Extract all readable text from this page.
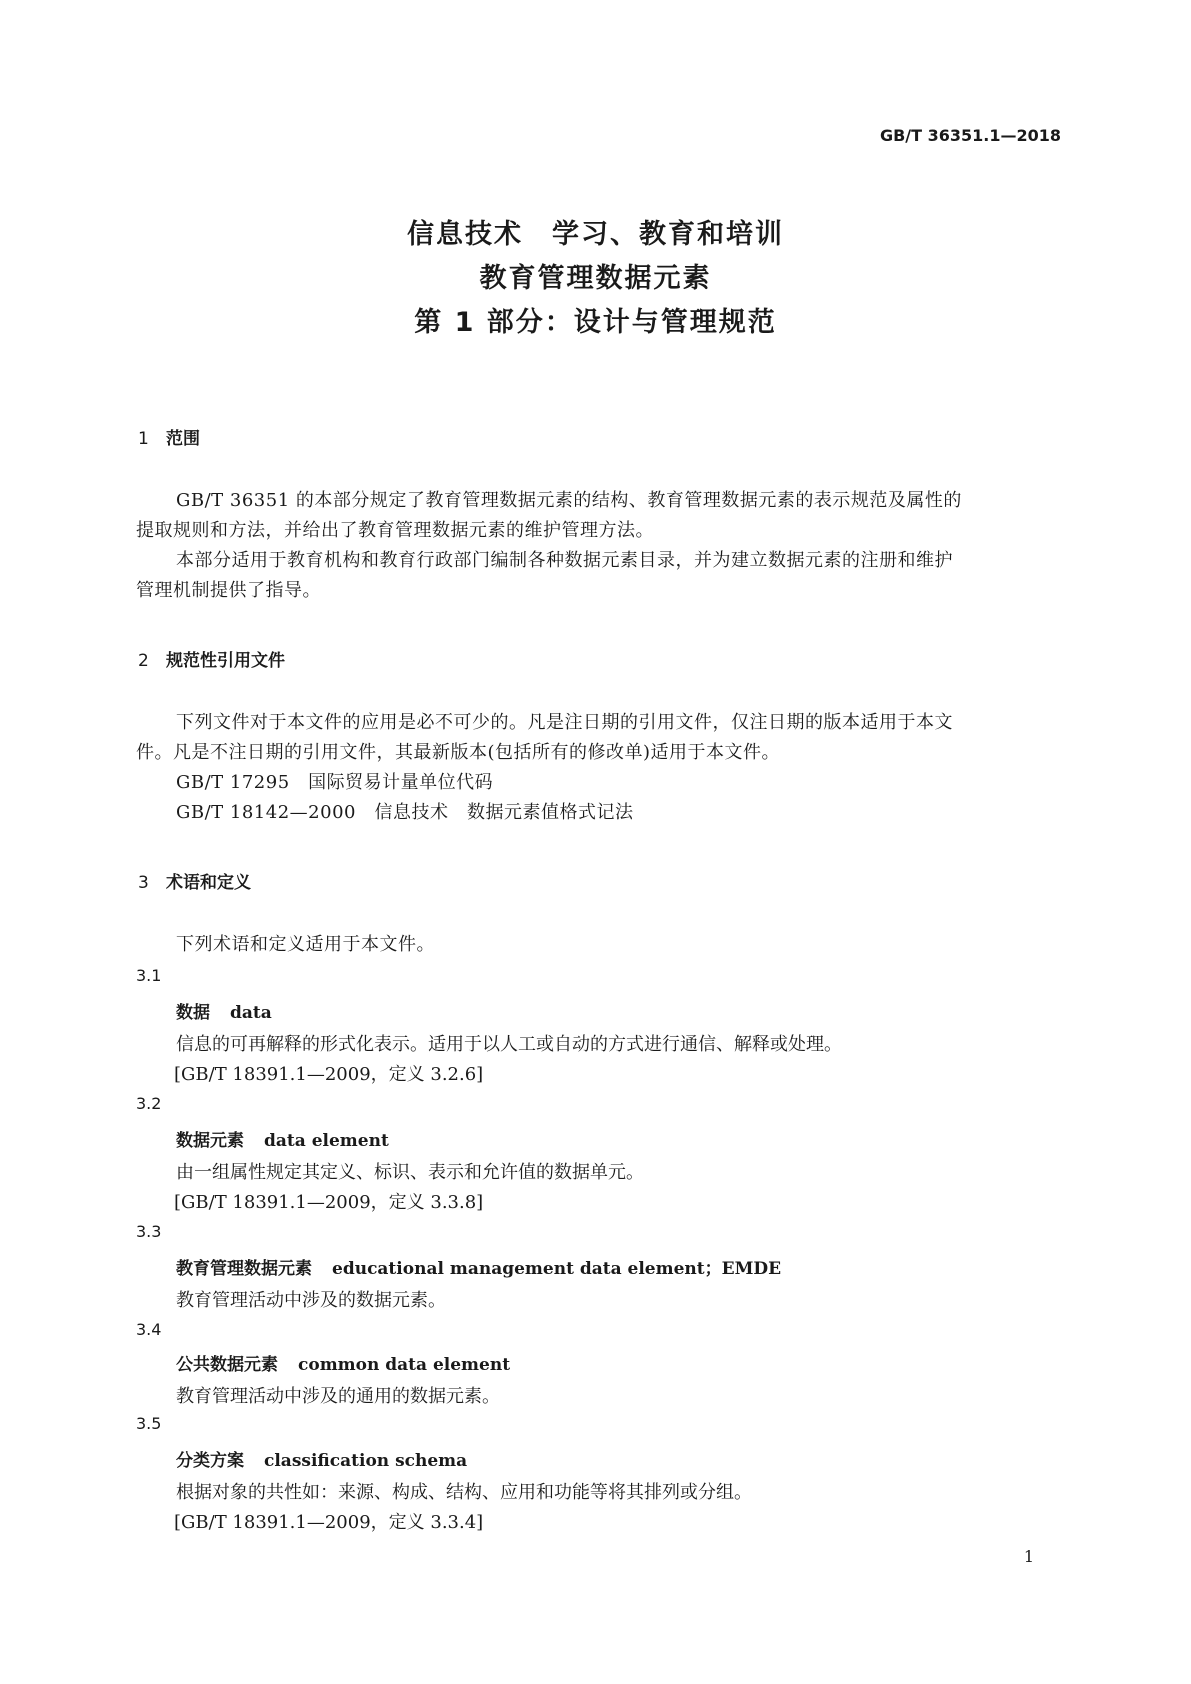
GB/T 36351.1—2018
信息技术　学习、教育和培训
教育管理数据元素
第 1 部分：设计与管理规范
1 范围
GB/T 36351 的本部分规定了教育管理数据元素的结构、教育管理数据元素的表示规范及属性的
提取规则和方法，并给出了教育管理数据元素的维护管理方法。
本部分适用于教育机构和教育行政部门编制各种数据元素目录，并为建立数据元素的注册和维护
管理机制提供了指导。
2 规范性引用文件
下列文件对于本文件的应用是必不可少的。凡是注日期的引用文件，仅注日期的版本适用于本文
件。凡是不注日期的引用文件，其最新版本(包括所有的修改单)适用于本文件。
GB/T 17295　国际贸易计量单位代码
GB/T 18142—2000　信息技术　数据元素值格式记法
3 术语和定义
下列术语和定义适用于本文件。
3.1
数据 data
信息的可再解释的形式化表示。适用于以人工或自动的方式进行通信、解释或处理。
[GB/T 18391.1—2009，定义 3.2.6]
3.2
数据元素 data element
由一组属性规定其定义、标识、表示和允许值的数据单元。
[GB/T 18391.1—2009，定义 3.3.8]
3.3
教育管理数据元素 educational management data element；EMDE
教育管理活动中涉及的数据元素。
3.4
公共数据元素 common data element
教育管理活动中涉及的通用的数据元素。
3.5
分类方案 classification schema
根据对象的共性如：来源、构成、结构、应用和功能等将其排列或分组。
[GB/T 18391.1—2009，定义 3.3.4]
1
